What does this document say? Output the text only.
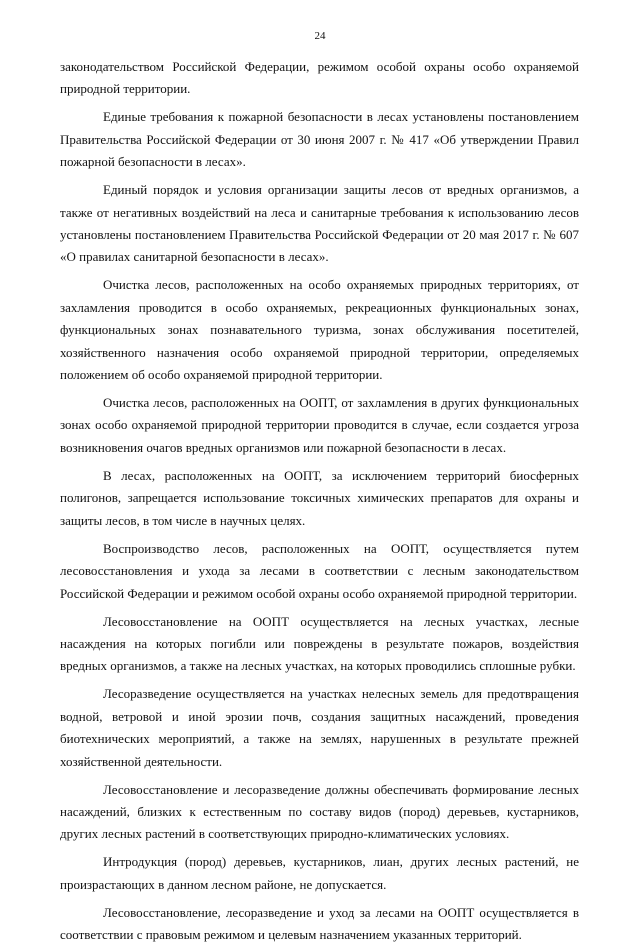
24

законодательством Российской Федерации, режимом особой охраны особо охраняемой природной территории.

Единые требования к пожарной безопасности в лесах установлены постановлением Правительства Российской Федерации от 30 июня 2007 г. № 417 «Об утверждении Правил пожарной безопасности в лесах».

Единый порядок и условия организации защиты лесов от вредных организмов, а также от негативных воздействий на леса и санитарные требования к использованию лесов установлены постановлением Правительства Российской Федерации от 20 мая 2017 г. № 607 «О правилах санитарной безопасности в лесах».

Очистка лесов, расположенных на особо охраняемых природных территориях, от захламления проводится в особо охраняемых, рекреационных функциональных зонах, функциональных зонах познавательного туризма, зонах обслуживания посетителей, хозяйственного назначения особо охраняемой природной территории, определяемых положением об особо охраняемой природной территории.

Очистка лесов, расположенных на ООПТ, от захламления в других функциональных зонах особо охраняемой природной территории проводится в случае, если создается угроза возникновения очагов вредных организмов или пожарной безопасности в лесах.

В лесах, расположенных на ООПТ, за исключением территорий биосферных полигонов, запрещается использование токсичных химических препаратов для охраны и защиты лесов, в том числе в научных целях.

Воспроизводство лесов, расположенных на ООПТ, осуществляется путем лесовосстановления и ухода за лесами в соответствии с лесным законодательством Российской Федерации и режимом особой охраны особо охраняемой природной территории.

Лесовосстановление на ООПТ осуществляется на лесных участках, лесные насаждения на которых погибли или повреждены в результате пожаров, воздействия вредных организмов, а также на лесных участках, на которых проводились сплошные рубки.

Лесоразведение осуществляется на участках нелесных земель для предотвращения водной, ветровой и иной эрозии почв, создания защитных насаждений, проведения биотехнических мероприятий, а также на землях, нарушенных в результате прежней хозяйственной деятельности.

Лесовосстановление и лесоразведение должны обеспечивать формирование лесных насаждений, близких к естественным по составу видов (пород) деревьев, кустарников, других лесных растений в соответствующих природно-климатических условиях.

Интродукция (пород) деревьев, кустарников, лиан, других лесных растений, не произрастающих в данном лесном районе, не допускается.

Лесовосстановление, лесоразведение и уход за лесами на ООПТ осуществляется в соответствии с правовым режимом и целевым назначением указанных территорий.
